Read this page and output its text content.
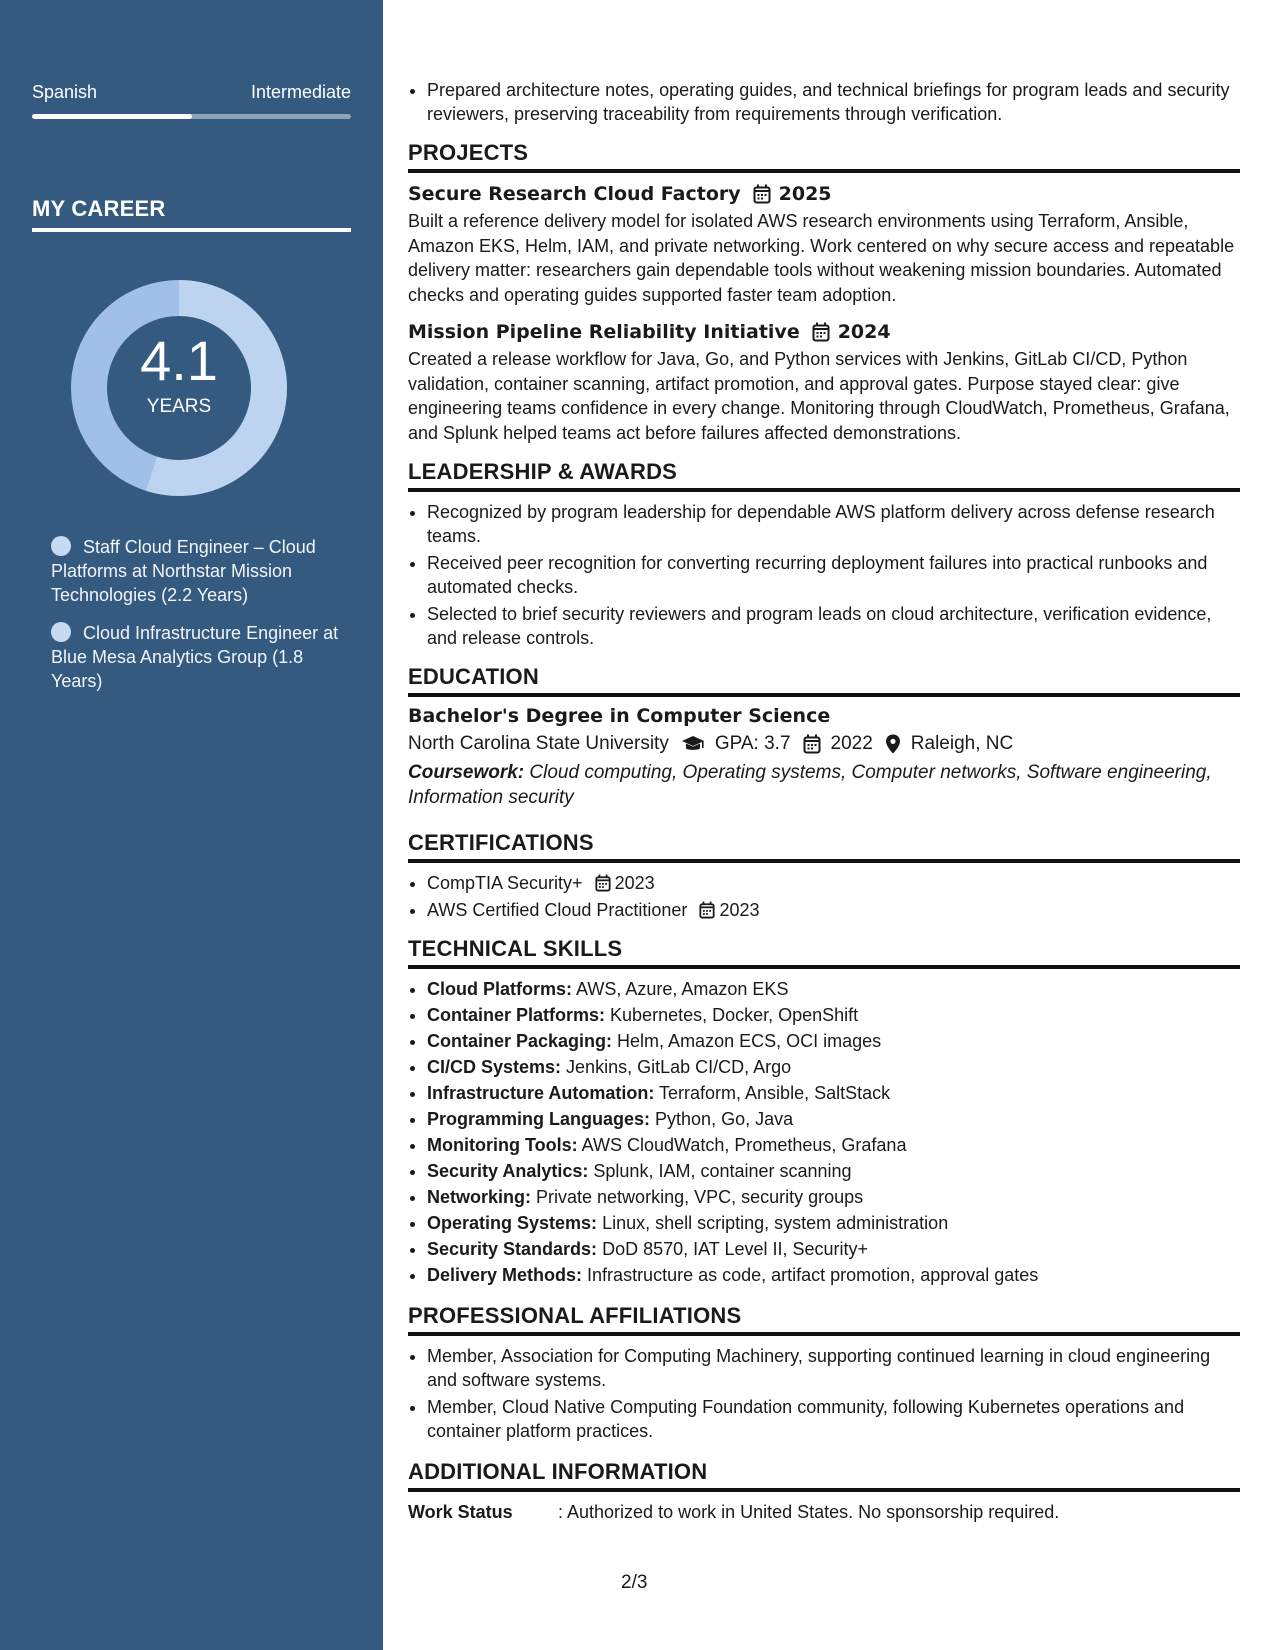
Spanish	Intermediate
MY CAREER
4.1
YEARS
Staff Cloud Engineer – Cloud Platforms at Northstar Mission Technologies (2.2 Years)
Cloud Infrastructure Engineer at Blue Mesa Analytics Group (1.8 Years)
• Prepared architecture notes, operating guides, and technical briefings for program leads and security reviewers, preserving traceability from requirements through verification.
PROJECTS
Secure Research Cloud Factory 2025

Built a reference delivery model for isolated AWS research environments using Terraform, Ansible, Amazon EKS, Helm, IAM, and private networking. Work centered on why secure access and repeatable delivery matter: researchers gain dependable tools without weakening mission boundaries. Automated checks and operating guides supported faster team adoption.

Mission Pipeline Reliability Initiative 2024

Created a release workflow for Java, Go, and Python services with Jenkins, GitLab CI/CD, Python validation, container scanning, artifact promotion, and approval gates. Purpose stayed clear: give engineering teams confidence in every change. Monitoring through CloudWatch, Prometheus, Grafana, and Splunk helped teams act before failures affected demonstrations.

LEADERSHIP & AWARDS
• Recognized by program leadership for dependable AWS platform delivery across defense research teams.
• Received peer recognition for converting recurring deployment failures into practical runbooks and automated checks.
• Selected to brief security reviewers and program leads on cloud architecture, verification evidence, and release controls.
EDUCATION
Bachelor's Degree in Computer Science
North Carolina State University GPA: 3.7 2022 Raleigh, NC
Coursework: Cloud computing, Operating systems, Computer networks, Software engineering, Information security
CERTIFICATIONS
• CompTIA Security+ 2023
• AWS Certified Cloud Practitioner 2023
TECHNICAL SKILLS
• Cloud Platforms: AWS, Azure, Amazon EKS
• Container Platforms: Kubernetes, Docker, OpenShift
• Container Packaging: Helm, Amazon ECS, OCI images
• CI/CD Systems: Jenkins, GitLab CI/CD, Argo
• Infrastructure Automation: Terraform, Ansible, SaltStack
• Programming Languages: Python, Go, Java
• Monitoring Tools: AWS CloudWatch, Prometheus, Grafana
• Security Analytics: Splunk, IAM, container scanning
• Networking: Private networking, VPC, security groups
• Operating Systems: Linux, shell scripting, system administration
• Security Standards: DoD 8570, IAT Level II, Security+
• Delivery Methods: Infrastructure as code, artifact promotion, approval gates
PROFESSIONAL AFFILIATIONS
• Member, Association for Computing Machinery, supporting continued learning in cloud engineering and software systems.
• Member, Cloud Native Computing Foundation community, following Kubernetes operations and container platform practices.
ADDITIONAL INFORMATION
Work Status	: Authorized to work in United States. No sponsorship required.
2/3
